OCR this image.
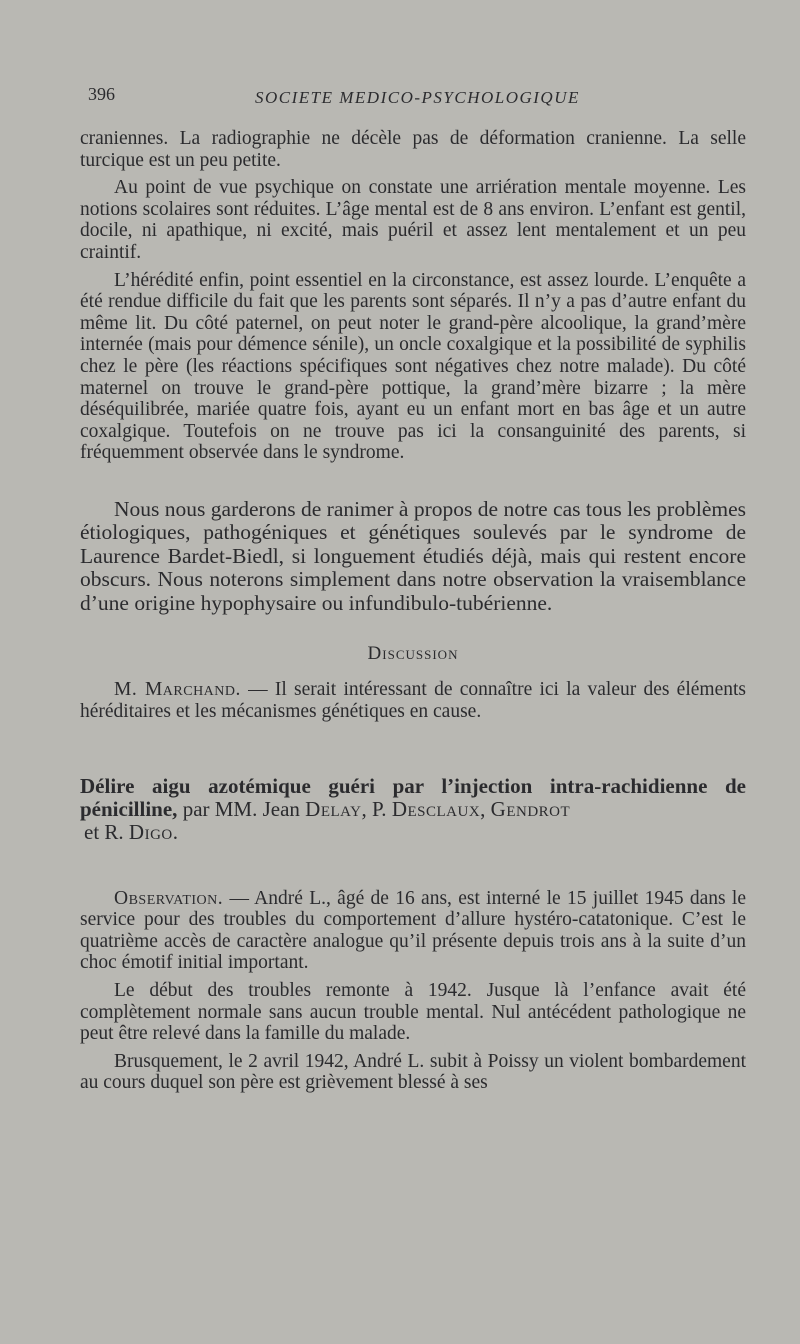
396	SOCIETE MEDICO-PSYCHOLOGIQUE

craniennes. La radiographie ne décèle pas de déformation cranienne. La selle turcique est un peu petite.

Au point de vue psychique on constate une arriération mentale moyenne. Les notions scolaires sont réduites. L’âge mental est de 8 ans environ. L’enfant est gentil, docile, ni apathique, ni excité, mais puéril et assez lent mentalement et un peu craintif.

L’hérédité enfin, point essentiel en la circonstance, est assez lourde. L’enquête a été rendue difficile du fait que les parents sont séparés. Il n’y a pas d’autre enfant du même lit. Du côté paternel, on peut noter le grand-père alcoolique, la grand’mère internée (mais pour démence sénile), un oncle coxalgique et la possibilité de syphilis chez le père (les réactions spécifiques sont négatives chez notre malade). Du côté maternel on trouve le grand-père pottique, la grand’mère bizarre ; la mère déséquilibrée, mariée quatre fois, ayant eu un enfant mort en bas âge et un autre coxalgique. Toutefois on ne trouve pas ici la consanguinité des parents, si fréquemment observée dans le syndrome.

Nous nous garderons de ranimer à propos de notre cas tous les problèmes étiologiques, pathogéniques et génétiques soulevés par le syndrome de Laurence Bardet-Biedl, si longuement étudiés déjà, mais qui restent encore obscurs. Nous noterons simplement dans notre observation la vraisemblance d’une origine hypophysaire ou infundibulo-tubérienne.

Discussion

M. Marchand. — Il serait intéressant de connaître ici la valeur des éléments héréditaires et les mécanismes génétiques en cause.

Délire aigu azotémique guéri par l’injection intra-rachidienne de pénicilline, par MM. Jean Delay, P. Desclaux, Gendrot

et R. Digo.

Observation. — André L., âgé de 16 ans, est interné le 15 juillet 1945 dans le service pour des troubles du comportement d’allure hystéro-catatonique. C’est le quatrième accès de caractère analogue qu’il présente depuis trois ans à la suite d’un choc émotif initial important.

Le début des troubles remonte à 1942. Jusque là l’enfance avait été complètement normale sans aucun trouble mental. Nul antécédent pathologique ne peut être relevé dans la famille du malade.

Brusquement, le 2 avril 1942, André L. subit à Poissy un violent bombardement au cours duquel son père est grièvement blessé à ses
